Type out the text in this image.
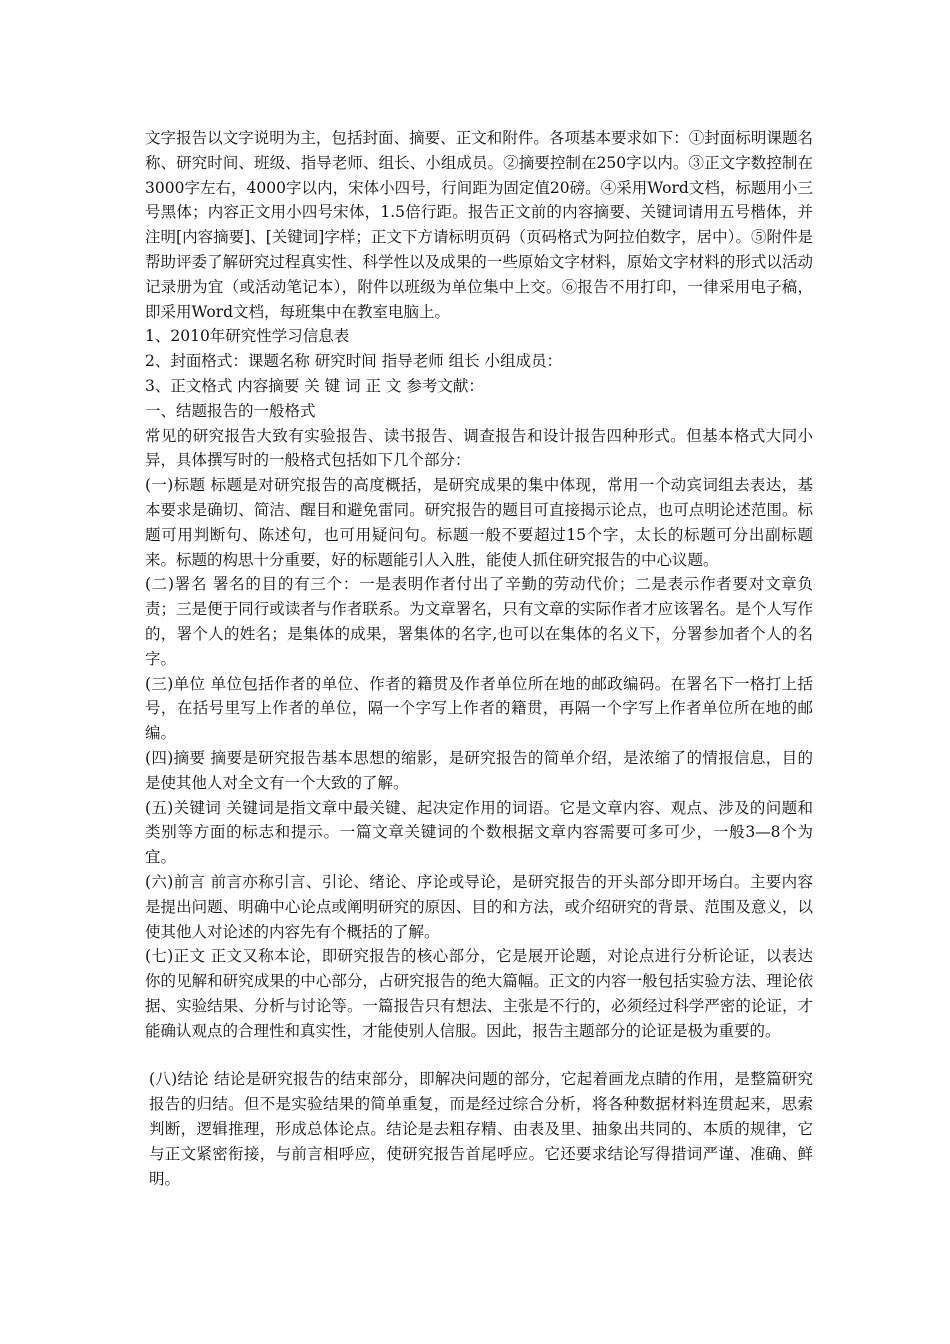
文字报告以文字说明为主，包括封面、摘要、正文和附件。各项基本要求如下：①封面标明课题名称、研究时间、班级、指导老师、组长、小组成员。②摘要控制在250字以内。③正文字数控制在3000字左右，4000字以内，宋体小四号，行间距为固定值20磅。④采用Word文档，标题用小三号黑体；内容正文用小四号宋体，1.5倍行距。报告正文前的内容摘要、关键词请用五号楷体，并注明[内容摘要]、[关键词]字样；正文下方请标明页码（页码格式为阿拉伯数字，居中）。⑤附件是帮助评委了解研究过程真实性、科学性以及成果的一些原始文字材料，原始文字材料的形式以活动记录册为宜（或活动笔记本），附件以班级为单位集中上交。⑥报告不用打印，一律采用电子稿，即采用Word文档，每班集中在教室电脑上。

1、2010年研究性学习信息表

2、封面格式：课题名称 研究时间 指导老师 组长 小组成员：

3、正文格式 内容摘要 关 键 词 正 文 参考文献：

一、结题报告的一般格式

常见的研究报告大致有实验报告、读书报告、调查报告和设计报告四种形式。但基本格式大同小异，具体撰写时的一般格式包括如下几个部分：

(一)标题 标题是对研究报告的高度概括，是研究成果的集中体现，常用一个动宾词组去表达，基本要求是确切、简洁、醒目和避免雷同。研究报告的题目可直接揭示论点，也可点明论述范围。标题可用判断句、陈述句，也可用疑问句。标题一般不要超过15个字，太长的标题可分出副标题来。标题的构思十分重要，好的标题能引人入胜，能使人抓住研究报告的中心议题。

(二)署名 署名的目的有三个：一是表明作者付出了辛勤的劳动代价；二是表示作者要对文章负责；三是便于同行或读者与作者联系。为文章署名，只有文章的实际作者才应该署名。是个人写作的，署个人的姓名；是集体的成果，署集体的名字,也可以在集体的名义下，分署参加者个人的名字。

(三)单位 单位包括作者的单位、作者的籍贯及作者单位所在地的邮政编码。在署名下一格打上括号，在括号里写上作者的单位，隔一个字写上作者的籍贯，再隔一个字写上作者单位所在地的邮编。

(四)摘要 摘要是研究报告基本思想的缩影，是研究报告的简单介绍，是浓缩了的情报信息，目的是使其他人对全文有一个大致的了解。

(五)关键词 关键词是指文章中最关键、起决定作用的词语。它是文章内容、观点、涉及的问题和类别等方面的标志和提示。一篇文章关键词的个数根据文章内容需要可多可少，一般3—8个为宜。

(六)前言 前言亦称引言、引论、绪论、序论或导论，是研究报告的开头部分即开场白。主要内容是提出问题、明确中心论点或阐明研究的原因、目的和方法，或介绍研究的背景、范围及意义，以使其他人对论述的内容先有个概括的了解。

(七)正文 正文又称本论，即研究报告的核心部分，它是展开论题，对论点进行分析论证，以表达你的见解和研究成果的中心部分，占研究报告的绝大篇幅。正文的内容一般包括实验方法、理论依据、实验结果、分析与讨论等。一篇报告只有想法、主张是不行的，必须经过科学严密的论证，才能确认观点的合理性和真实性，才能使别人信服。因此，报告主题部分的论证是极为重要的。

(八)结论 结论是研究报告的结束部分，即解决问题的部分，它起着画龙点睛的作用，是整篇研究报告的归结。但不是实验结果的简单重复，而是经过综合分析，将各种数据材料连贯起来，思索判断，逻辑推理，形成总体论点。结论是去粗存精、由表及里、抽象出共同的、本质的规律，它与正文紧密衔接，与前言相呼应，使研究报告首尾呼应。它还要求结论写得措词严谨、准确、鲜明。
